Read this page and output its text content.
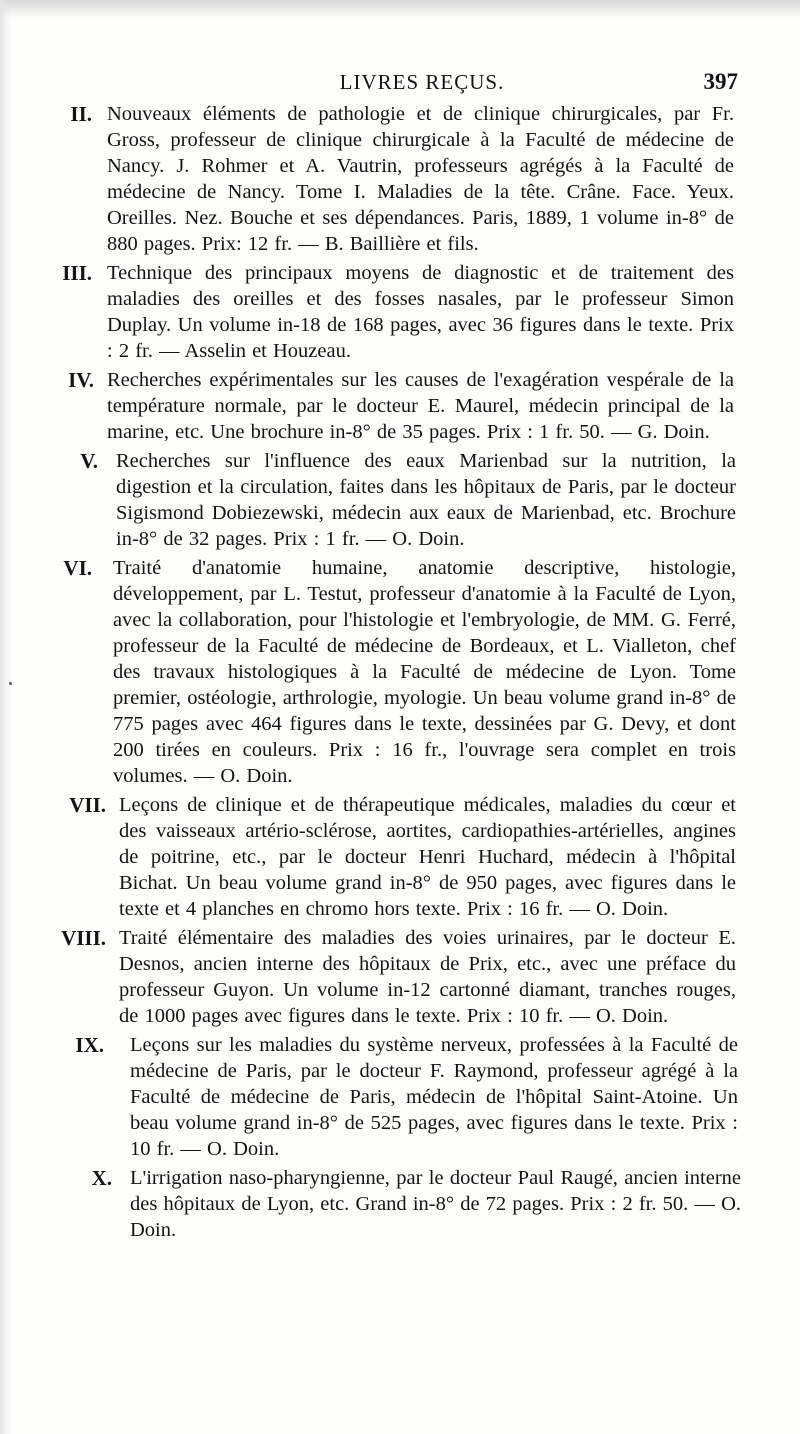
LIVRES REÇUS.	397
II. Nouveaux éléments de pathologie et de clinique chirurgicales, par Fr. Gross, professeur de clinique chirurgicale à la Faculté de médecine de Nancy. J. Rohmer et A. Vautrin, professeurs agrégés à la Faculté de médecine de Nancy. Tome I. Maladies de la tête. Crâne. Face. Yeux. Oreilles. Nez. Bouche et ses dépendances. Paris, 1889, 1 volume in-8° de 880 pages. Prix: 12 fr. — B. Baillière et fils.
III. Technique des principaux moyens de diagnostic et de traitement des maladies des oreilles et des fosses nasales, par le professeur Simon Duplay. Un volume in-18 de 168 pages, avec 36 figures dans le texte. Prix : 2 fr. — Asselin et Houzeau.
IV. Recherches expérimentales sur les causes de l'exagération vespérale de la température normale, par le docteur E. Maurel, médecin principal de la marine, etc. Une brochure in-8° de 35 pages. Prix : 1 fr. 50. — G. Doin.
V. Recherches sur l'influence des eaux Marienbad sur la nutrition, la digestion et la circulation, faites dans les hôpitaux de Paris, par le docteur Sigismond Dobiezewski, médecin aux eaux de Marienbad, etc. Brochure in-8° de 32 pages. Prix : 1 fr. — O. Doin.
VI. Traité d'anatomie humaine, anatomie descriptive, histologie, développement, par L. Testut, professeur d'anatomie à la Faculté de Lyon, avec la collaboration, pour l'histologie et l'embryologie, de MM. G. Ferré, professeur de la Faculté de médecine de Bordeaux, et L. Vialleton, chef des travaux histologiques à la Faculté de médecine de Lyon. Tome premier, ostéologie, arthrologie, myologie. Un beau volume grand in-8° de 775 pages avec 464 figures dans le texte, dessinées par G. Devy, et dont 200 tirées en couleurs. Prix : 16 fr., l'ouvrage sera complet en trois volumes. — O. Doin.
VII. Leçons de clinique et de thérapeutique médicales, maladies du cœur et des vaisseaux artério-sclérose, aortites, cardiopathies-artérielles, angines de poitrine, etc., par le docteur Henri Huchard, médecin à l'hôpital Bichat. Un beau volume grand in-8° de 950 pages, avec figures dans le texte et 4 planches en chromo hors texte. Prix : 16 fr. — O. Doin.
VIII. Traité élémentaire des maladies des voies urinaires, par le docteur E. Desnos, ancien interne des hôpitaux de Prix, etc., avec une préface du professeur Guyon. Un volume in-12 cartonné diamant, tranches rouges, de 1000 pages avec figures dans le texte. Prix : 10 fr. — O. Doin.
IX. Leçons sur les maladies du système nerveux, professées à la Faculté de médecine de Paris, par le docteur F. Raymond, professeur agrégé à la Faculté de médecine de Paris, médecin de l'hôpital Saint-Atoine. Un beau volume grand in-8° de 525 pages, avec figures dans le texte. Prix : 10 fr. — O. Doin.
X. L'irrigation naso-pharyngienne, par le docteur Paul Raugé, ancien interne des hôpitaux de Lyon, etc. Grand in-8° de 72 pages. Prix : 2 fr. 50. — O. Doin.
